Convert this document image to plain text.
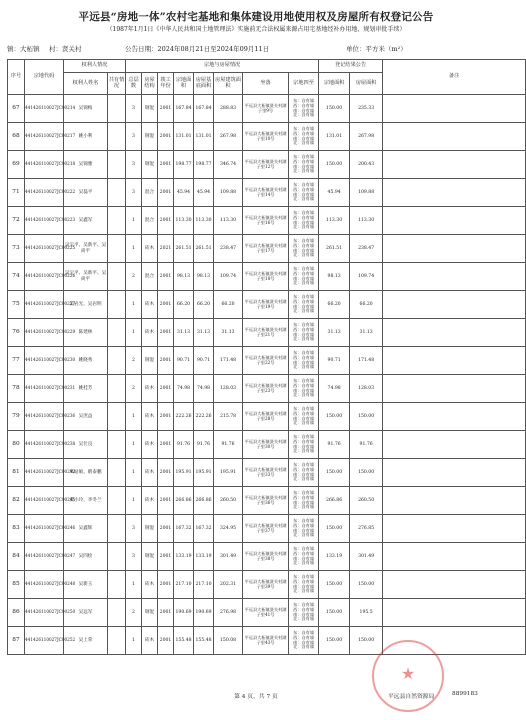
平远县“房地一体”农村宅基地和集体建设用地使用权及房屋所有权登记公告
（1987年1月1日《中华人民共和国土地管理法》实施前无合法权属来源占用宅基地经补办用地、规划审批手续）
镇：大柘镇 村：贤关村	公告日期：2024年08月21日至2024年09月11日	单位：平方米（m²）
序号	宗地代码	权利人情况		宗地与房屋情况								登记结果公告		备注
		权利人姓名	共有情况	总层数	房屋结构	竣工年份	宗地面积	房屋基底面积	房屋建筑面积	坐落	宗地四至	宗地面积	房屋面积	
67	441426110027JC00214	吴锦梅		3	钢混	2001	167.84	167.84	288.83	平远县大柘镇贤关村湖子里9号	东：自有墙 西：自有墙 南：自有墙 北：自有墙	150.00	235.33	
68	441426110027JC00217	姚小利		3	钢混	2001	131.01	131.01	267.98	平远县大柘镇贤关村湖子里10号	东：自有墙 西：自有墙 南：自有墙 北：自有墙	131.01	267.98	
69	441426110027JC00218	吴锦雅		3	钢混	2001	198.77	198.77	346.74	平远县大柘镇贤关村湖子里12号	东：自有墙 西：自有墙 南：自有墙 北：自有墙	150.00	200.43	
71	441426110027JC00222	吴磊平		3	混合	2001	45.94	45.94	109.88	平远县大柘镇贤关村湖子里14号	东：自有墙 西：自有墙 南：自有墙 北：自有墙	45.94	109.88	
72	441426110027JC00223	吴鑫军		1	混合	2001	113.30	113.30	113.30	平远县大柘镇贤关村湖子里16号	东：自有墙 西：自有墙 南：自有墙 北：自有墙	113.30	113.30	
73	441426110027JC00225	吴宝平、吴新平、吴尚平		1	砖木	2021	261.51	261.51	238.47	平远县大柘镇贤关村湖子里17号	东：自有墙 西：自有墙 南：自有墙 北：自有墙	261.51	238.47	
74	441426110027JC00226	吴宝平、吴新平、吴尚平		2	混合	2001	98.13	98.13	109.74	平远县大柘镇贤关村湖子里18号	东：自有墙 西：自有墙 南：自有墙 北：自有墙	98.13	109.74	
75	441426110027JC00227	吴岩光、吴岩明		1	砖木	2001	66.20	66.20	66.20	平远县大柘镇贤关村湖子里19号	东：自有墙 西：自有墙 南：自有墙 北：自有墙	66.20	66.20	
76	441426110027JC00229	陈建林		1	砖木	2001	31.13	31.13	31.13	平远县大柘镇贤关村湖子里21号	东：自有墙 西：自有墙 南：自有墙 北：自有墙	31.13	31.13	
77	441426110027JC00230	姚晓秀		2	钢混	2001	90.71	90.71	171.48	平远县大柘镇贤关村湖子里22号	东：自有墙 西：自有墙 南：自有墙 北：自有墙	90.71	171.48	
78	441426110027JC00231	姚桂芳		2	砖木	2001	74.98	74.98	128.03	平远县大柘镇贤关村湖子里23号	东：自有墙 西：自有墙 南：自有墙 北：自有墙	74.98	128.03	
79	441426110027JC00236	吴庶益		1	砖木	2001	222.26	222.26	215.78	平远县大柘镇贤关村湖子里28号	东：自有墙 西：自有墙 南：自有墙 北：自有墙	150.00	150.00	
80	441426110027JC00238	吴仕良		1	砖木	2001	91.76	91.76	91.76	平远县大柘镇贤关村湖子里30号	东：自有墙 西：自有墙 南：自有墙 北：自有墙	91.76	91.76	
81	441426110027JC00242	凤姑娘、鹤泰鹏		1	砖木	2001	195.91	195.91	195.91	平远县大柘镇贤关村湖子里33号	东：自有墙 西：自有墙 南：自有墙 北：自有墙	150.00	150.00	
82	441426110027JC00245	黄小玲、李冬兰		1	砖木	2001	266.86	266.86	260.50	平远县大柘镇贤关村湖子里36号	东：自有墙 西：自有墙 南：自有墙 北：自有墙	266.86	260.50	
83	441426110027JC00246	吴鑫辉		3	钢混	2001	167.32	167.32	324.95	平远县大柘镇贤关村湖子里37号	东：自有墙 西：自有墙 南：自有墙 北：自有墙	150.00	276.85	
84	441426110027JC00247	吴四桧		3	钢混	2001	133.19	133.19	301.49	平远县大柘镇贤关村湖子里38号	东：自有墙 西：自有墙 南：自有墙 北：自有墙	133.19	301.49	
85	441426110027JC00248	吴新玉		1	砖木	2001	217.10	217.10	202.31	平远县大柘镇贤关村湖子里39号	东：自有墙 西：自有墙 南：自有墙 北：自有墙	150.00	150.00	
86	441426110027JC00250	吴远军		2	钢混	2001	190.69	190.69	276.98	平远县大柘镇贤关村湖子里41号	东：自有墙 西：自有墙 南：自有墙 北：自有墙	150.00	195.5	
87	441426110027JC00252	吴上荣		1	砖木	2001	155.48	155.48	150.08	平远县大柘镇贤关村湖子里43号	东：自有墙 西：自有墙 南：自有墙 北：自有墙	150.00	150.00	
★
第 4 页，共 7 页	平远县自然资源局	8899183
